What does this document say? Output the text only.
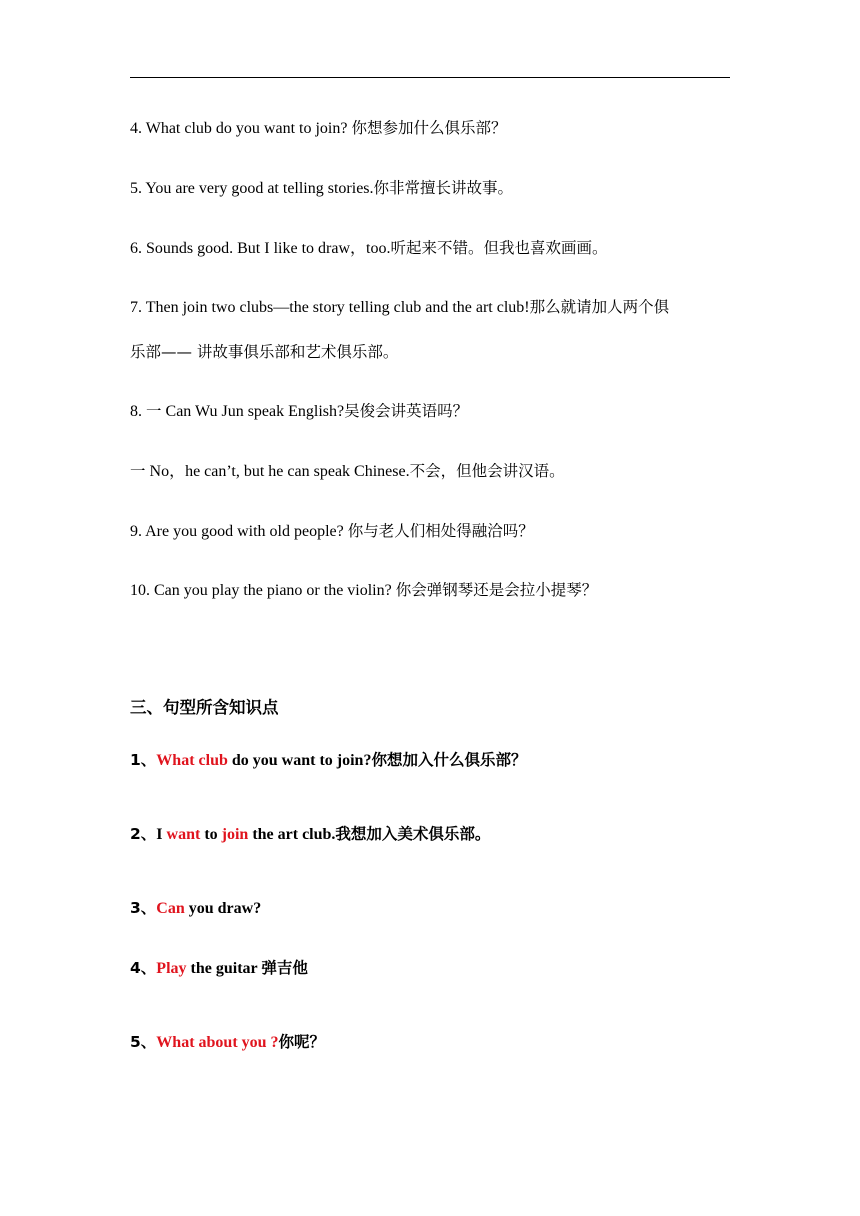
4. What club do you want to join? 你想参加什么俱乐部？
5. You are very good at telling stories.你非常擅长讲故事。
6. Sounds good. But I like to draw，too.听起来不错。但我也喜欢画画。
7. Then join two clubs—the story telling club and the art club!那么就请加人两个俱
乐部—— 讲故事俱乐部和艺术俱乐部。
8. 一 Can Wu Jun speak English?吴俊会讲英语吗？
一 No，he can’t, but he can speak Chinese.不会，但他会讲汉语。
9. Are you good with old people? 你与老人们相处得融洽吗？
10. Can you play the piano or the violin? 你会弹钢琴还是会拉小提琴？
三、句型所含知识点
1、What club do you want to join?你想加入什么俱乐部？
2、I want to join the art club.我想加入美术俱乐部。
3、Can you draw?
4、Play the guitar 弹吉他
5、What about you ?你呢？
